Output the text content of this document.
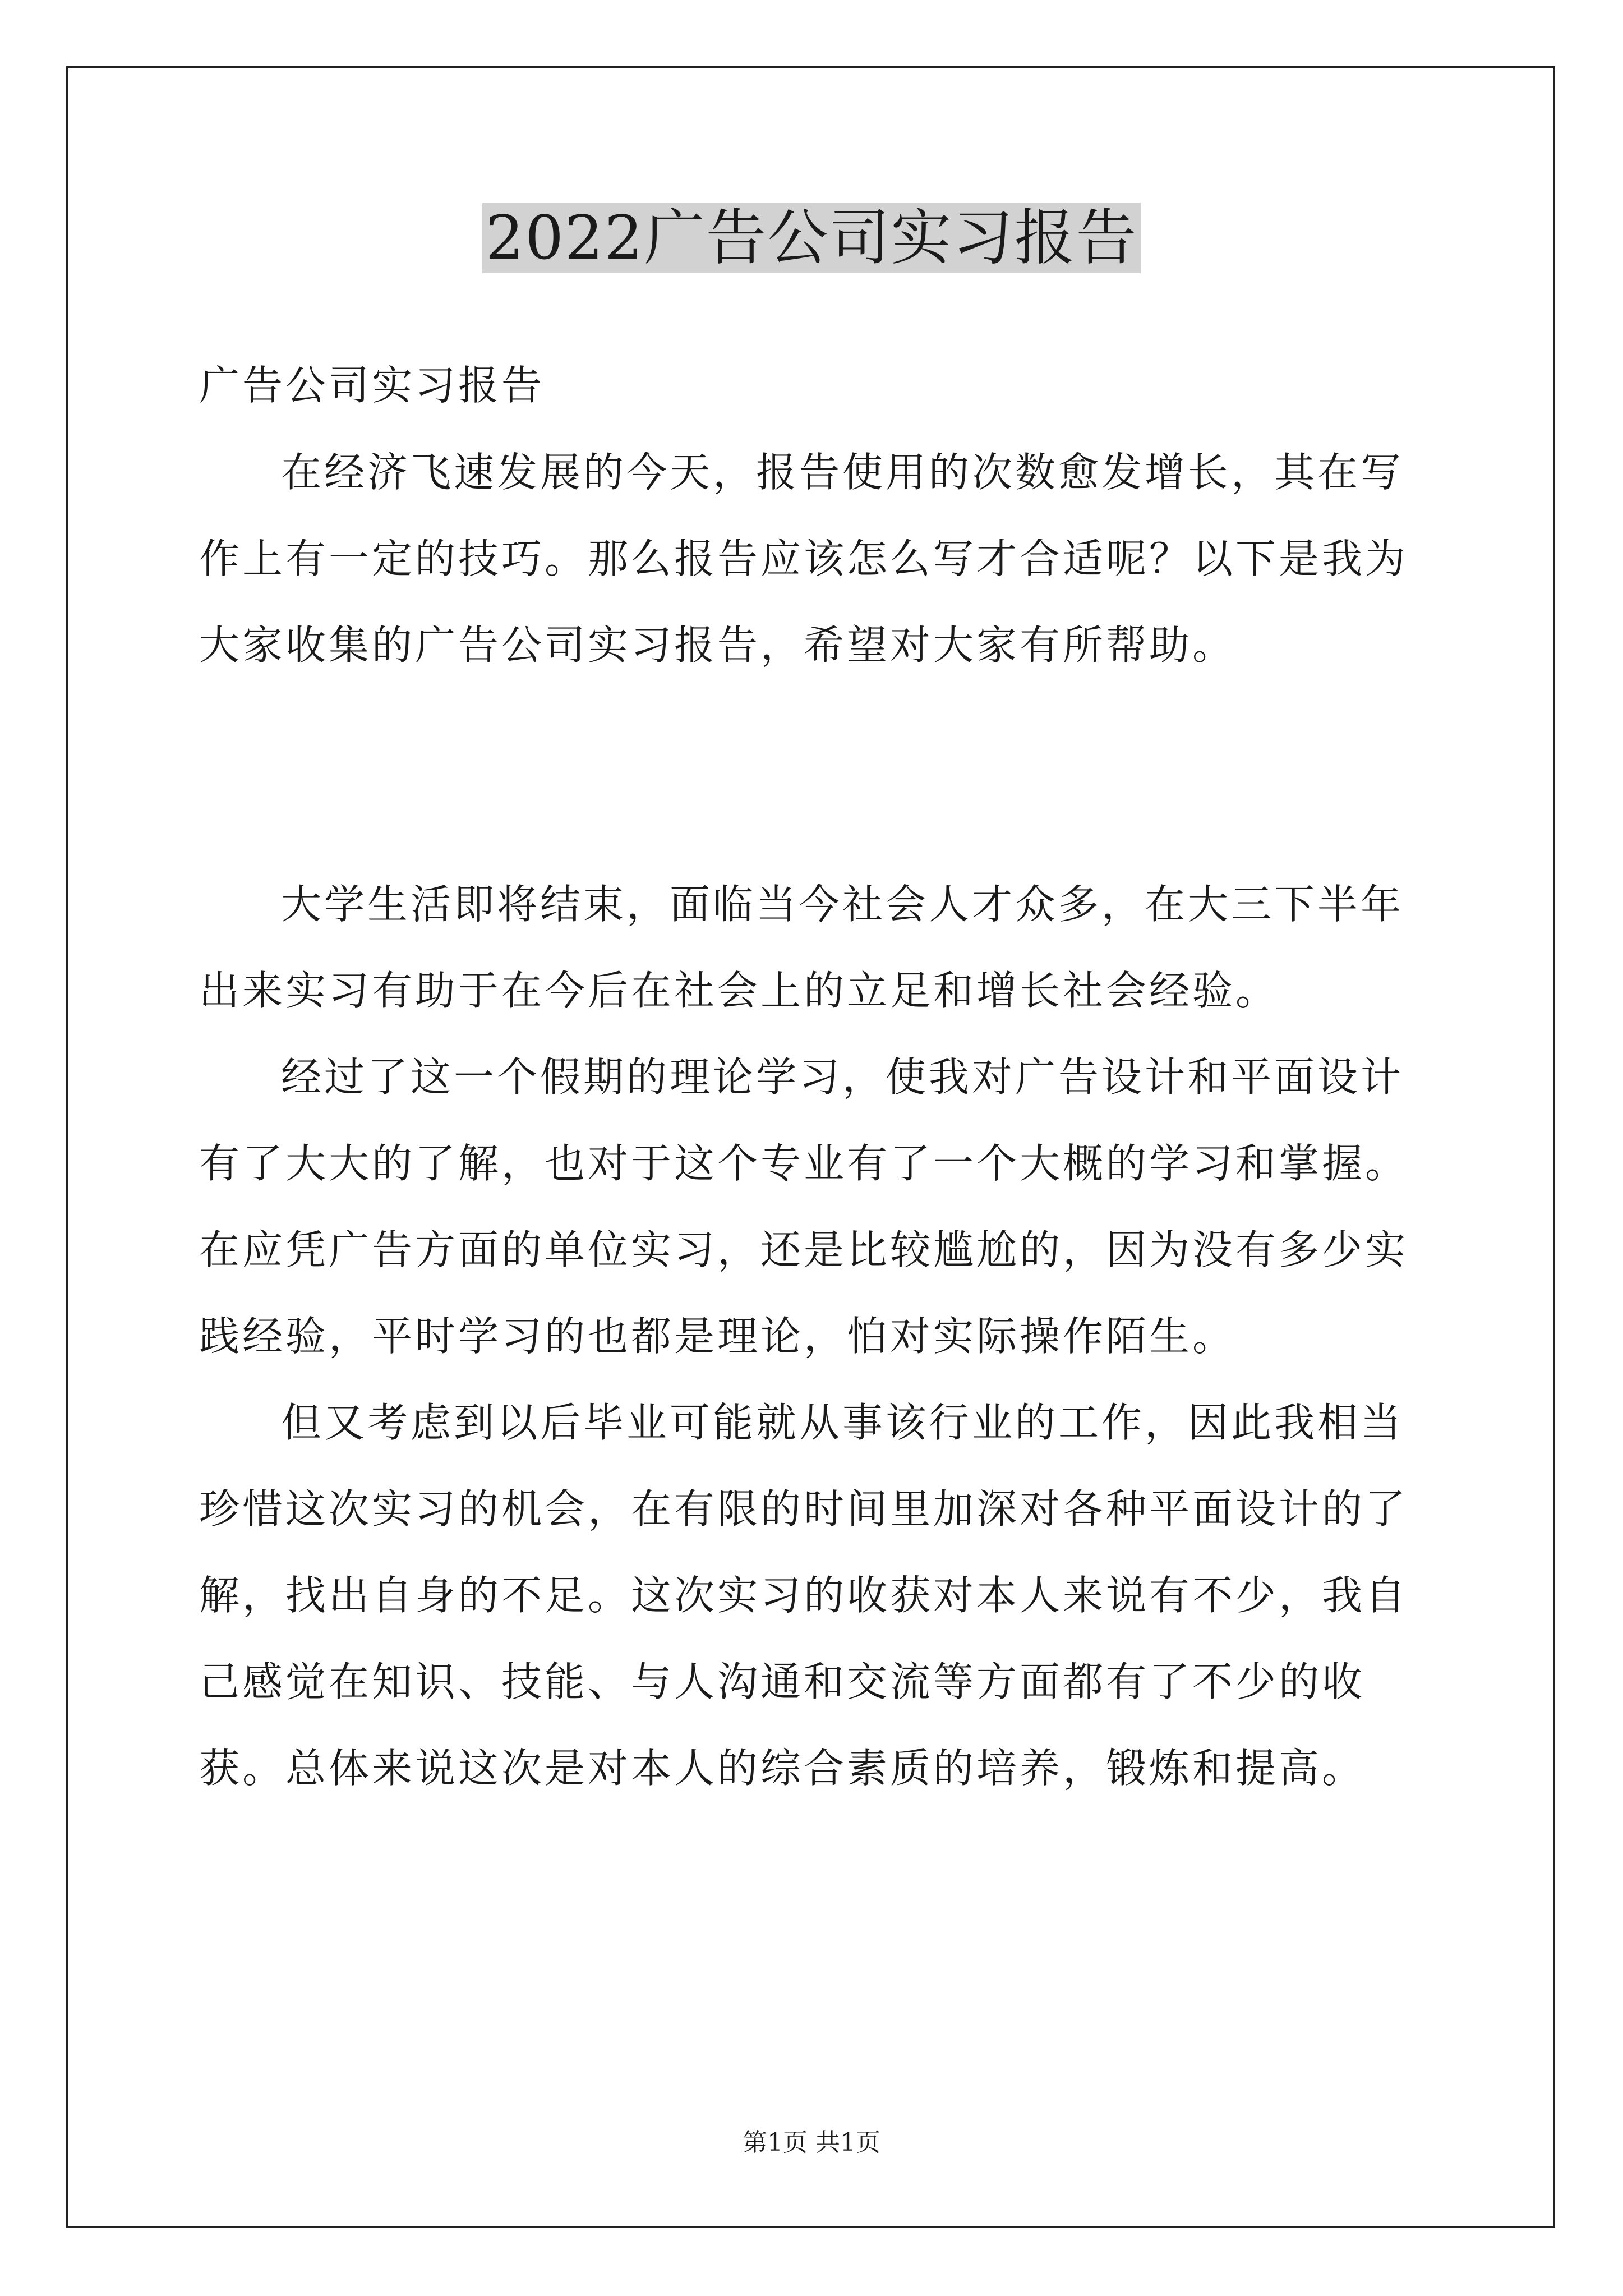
2022广告公司实习报告

广告公司实习报告

在经济飞速发展的今天，报告使用的次数愈发增长，其在写作上有一定的技巧。那么报告应该怎么写才合适呢？以下是我为大家收集的广告公司实习报告，希望对大家有所帮助。

大学生活即将结束，面临当今社会人才众多，在大三下半年出来实习有助于在今后在社会上的立足和增长社会经验。

经过了这一个假期的理论学习，使我对广告设计和平面设计有了大大的了解，也对于这个专业有了一个大概的学习和掌握。在应凭广告方面的单位实习，还是比较尴尬的，因为没有多少实践经验，平时学习的也都是理论，怕对实际操作陌生。

但又考虑到以后毕业可能就从事该行业的工作，因此我相当珍惜这次实习的机会，在有限的时间里加深对各种平面设计的了解，找出自身的不足。这次实习的收获对本人来说有不少，我自己感觉在知识、技能、与人沟通和交流等方面都有了不少的收获。总体来说这次是对本人的综合素质的培养，锻炼和提高。

第1页 共1页
